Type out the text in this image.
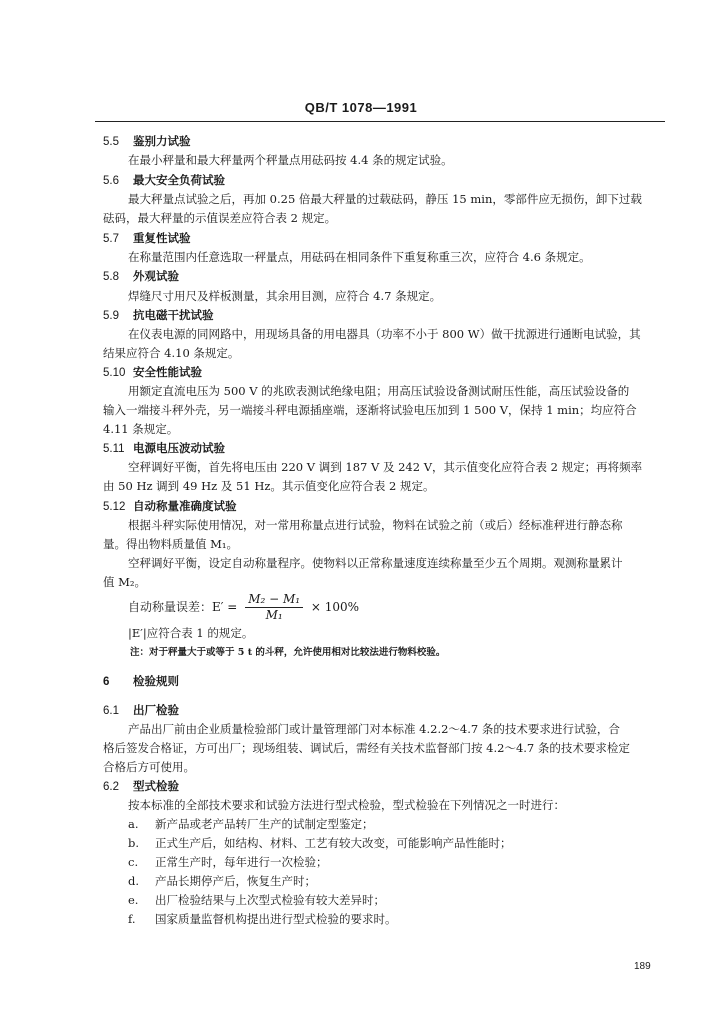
QB/T 1078—1991
5.5 鉴别力试验
在最小秤量和最大秤量两个秤量点用砝码按 4.4 条的规定试验。
5.6 最大安全负荷试验
最大秤量点试验之后，再加 0.25 倍最大秤量的过载砝码，静压 15 min，零部件应无损伤，卸下过载
砝码，最大秤量的示值误差应符合表 2 规定。
5.7 重复性试验
在称量范围内任意选取一秤量点，用砝码在相同条件下重复称重三次，应符合 4.6 条规定。
5.8 外观试验
焊缝尺寸用尺及样板测量，其余用目测，应符合 4.7 条规定。
5.9 抗电磁干扰试验
在仪表电源的同网路中，用现场具备的用电器具（功率不小于 800 W）做干扰源进行通断电试验，其
结果应符合 4.10 条规定。
5.10 安全性能试验
用额定直流电压为 500 V 的兆欧表测试绝缘电阻；用高压试验设备测试耐压性能，高压试验设备的
输入一端接斗秤外壳，另一端接斗秤电源插座端，逐渐将试验电压加到 1 500 V，保持 1 min；均应符合
4.11 条规定。
5.11 电源电压波动试验
空秤调好平衡，首先将电压由 220 V 调到 187 V 及 242 V，其示值变化应符合表 2 规定；再将频率
由 50 Hz 调到 49 Hz 及 51 Hz。其示值变化应符合表 2 规定。
5.12 自动称量准确度试验
根据斗秤实际使用情况，对一常用称量点进行试验，物料在试验之前（或后）经标准秤进行静态称
量。得出物料质量值 M₁。
空秤调好平衡，设定自动称量程序。使物料以正常称量速度连续称量至少五个周期。观测称量累计
值 M₂。
自动称量误差：$E' = \frac{\text{M₂ − M₁}}{\text{M₁}} \times 100\%$
|E′|应符合表 1 的规定。
注：对于秤量大于或等于 5 t 的斗秤，允许使用相对比较法进行物料校验。
6 检验规则
6.1 出厂检验
产品出厂前由企业质量检验部门或计量管理部门对本标准 4.2.2～4.7 条的技术要求进行试验，合
格后签发合格证，方可出厂；现场组装、调试后，需经有关技术监督部门按 4.2～4.7 条的技术要求检定
合格后方可使用。
6.2 型式检验
按本标准的全部技术要求和试验方法进行型式检验，型式检验在下列情况之一时进行：
a. 新产品或老产品转厂生产的试制定型鉴定；
b. 正式生产后，如结构、材料、工艺有较大改变，可能影响产品性能时；
c. 正常生产时，每年进行一次检验；
d. 产品长期停产后，恢复生产时；
e. 出厂检验结果与上次型式检验有较大差异时；
f. 国家质量监督机构提出进行型式检验的要求时。
189
